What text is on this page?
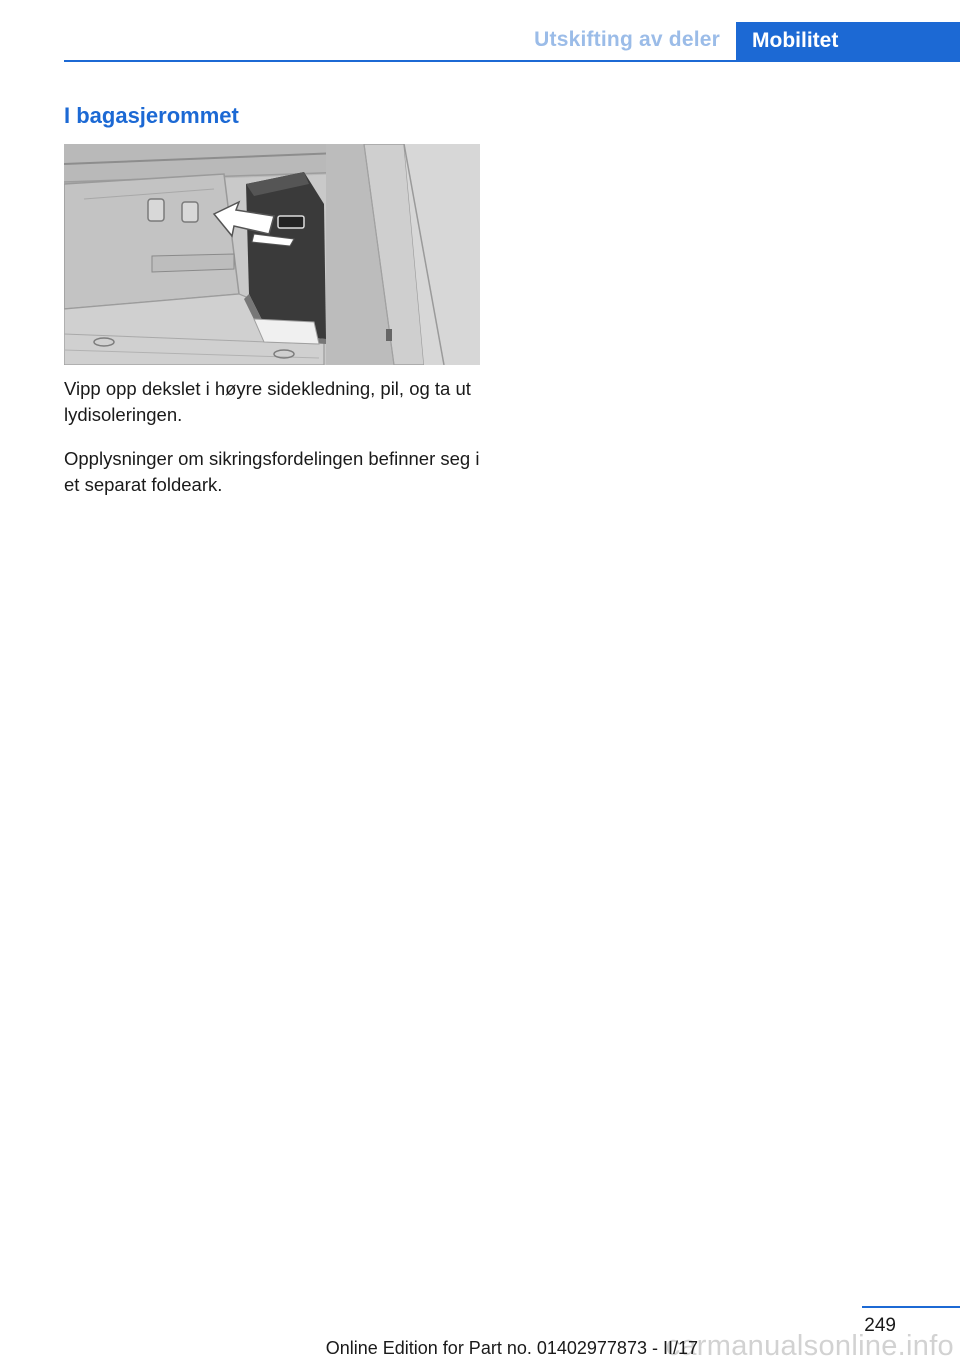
Utskifting av deler	Mobilitet
I bagasjerommet

Vipp opp dekslet i høyre sidekledning, pil, og ta ut lydisoleringen.

Opplysninger om sikringsfordelingen befinner seg i et separat foldeark.

249
carmanualsonline.info
Online Edition for Part no. 01402977873 - II/17
